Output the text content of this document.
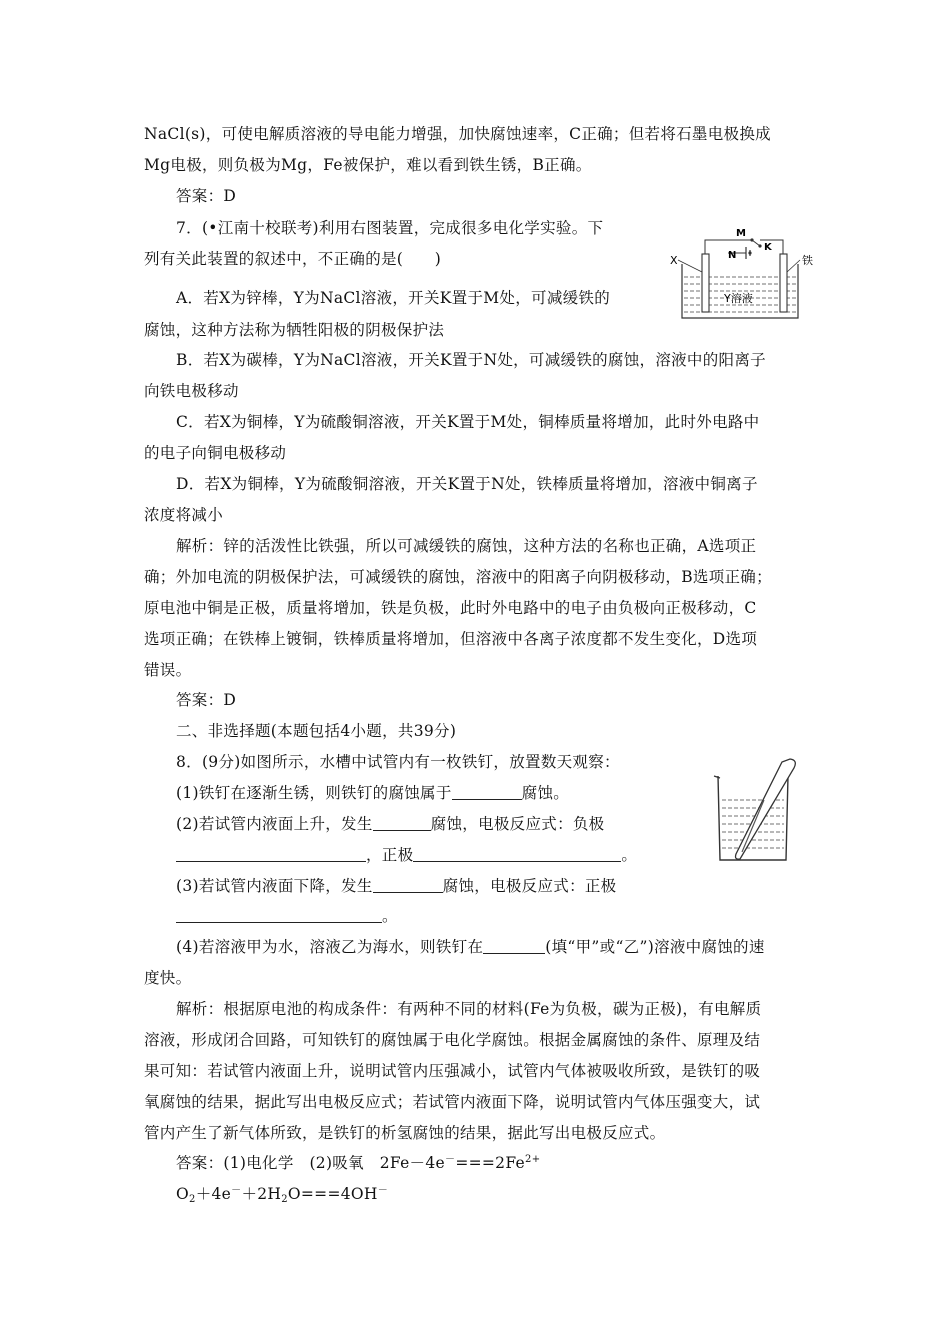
NaCl(s)，可使电解质溶液的导电能力增强，加快腐蚀速率，C正确；但若将石墨电极换成
Mg电极，则负极为Mg，Fe被保护，难以看到铁生锈，B正确。
答案：D
7．(•江南十校联考)利用右图装置，完成很多电化学实验。下
列有关此装置的叙述中，不正确的是(　　)
A．若X为锌棒，Y为NaCl溶液，开关K置于M处，可减缓铁的
腐蚀，这种方法称为牺牲阳极的阴极保护法
B．若X为碳棒，Y为NaCl溶液，开关K置于N处，可减缓铁的腐蚀，溶液中的阳离子
向铁电极移动
C．若X为铜棒，Y为硫酸铜溶液，开关K置于M处，铜棒质量将增加，此时外电路中
的电子向铜电极移动
D．若X为铜棒，Y为硫酸铜溶液，开关K置于N处，铁棒质量将增加，溶液中铜离子
浓度将减小
解析：锌的活泼性比铁强，所以可减缓铁的腐蚀，这种方法的名称也正确，A选项正
确；外加电流的阴极保护法，可减缓铁的腐蚀，溶液中的阳离子向阴极移动，B选项正确；
原电池中铜是正极，质量将增加，铁是负极，此时外电路中的电子由负极向正极移动，C
选项正确；在铁棒上镀铜，铁棒质量将增加，但溶液中各离子浓度都不发生变化，D选项
错误。
答案：D
二、非选择题(本题包括4小题，共39分)
8．(9分)如图所示，水槽中试管内有一枚铁钉，放置数天观察：
(1)铁钉在逐渐生锈，则铁钉的腐蚀属于	腐蚀。
(2)若试管内液面上升，发生	腐蚀，电极反应式：负极
，正极	。
(3)若试管内液面下降，发生	腐蚀，电极反应式：正极
。
(4)若溶液甲为水，溶液乙为海水，则铁钉在	(填“甲”或“乙”)溶液中腐蚀的速
度快。
解析：根据原电池的构成条件：有两种不同的材料(Fe为负极，碳为正极)，有电解质
溶液，形成闭合回路，可知铁钉的腐蚀属于电化学腐蚀。根据金属腐蚀的条件、原理及结
果可知：若试管内液面上升，说明试管内压强减小，试管内气体被吸收所致，是铁钉的吸
氧腐蚀的结果，据此写出电极反应式；若试管内液面下降，说明试管内气体压强变大，试
管内产生了新气体所致，是铁钉的析氢腐蚀的结果，据此写出电极反应式。
答案：(1)电化学　(2)吸氧　$2Fe-4e^-===2Fe^{2+}$
$O_2+4e^-+2H_2O===4OH^-$
M
K
N
X	铁
Y溶液
